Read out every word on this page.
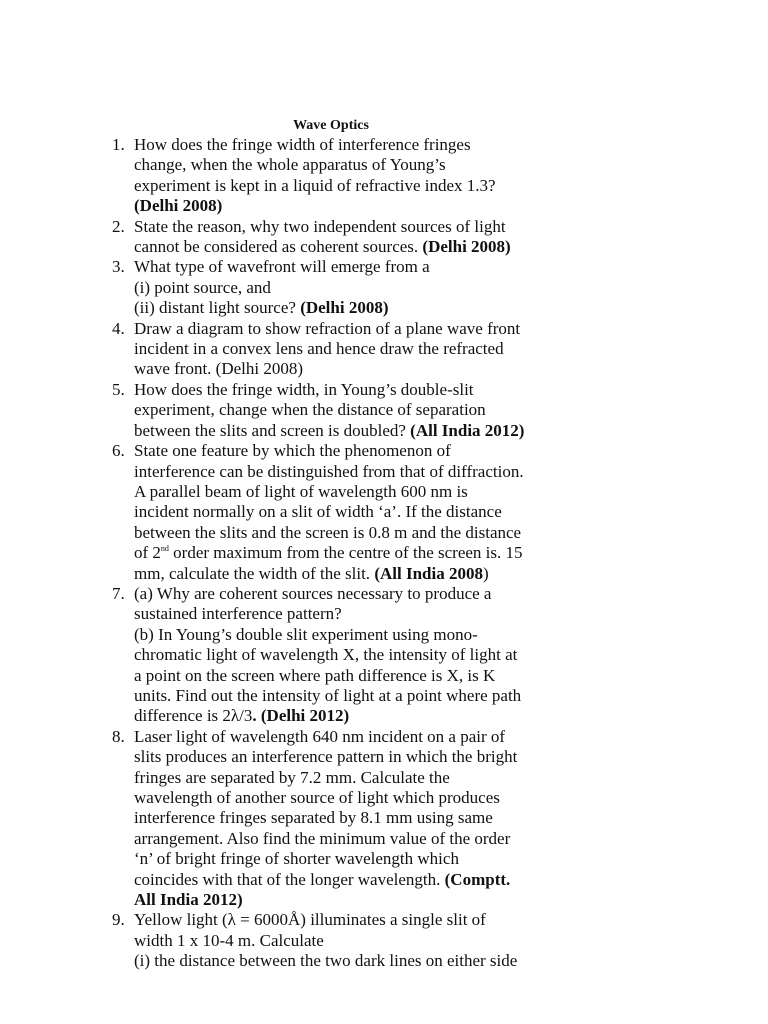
Wave Optics
1. How does the fringe width of interference fringes
change, when the whole apparatus of Young’s
experiment is kept in a liquid of refractive index 1.3?
(Delhi 2008)
2. State the reason, why two independent sources of light
cannot be considered as coherent sources. (Delhi 2008)
3. What type of wavefront will emerge from a
(i) point source, and
(ii) distant light source? (Delhi 2008)
4. Draw a diagram to show refraction of a plane wave front
incident in a convex lens and hence draw the refracted
wave front. (Delhi 2008)
5. How does the fringe width, in Young’s double-slit
experiment, change when the distance of separation
between the slits and screen is doubled? (All India 2012)
6. State one feature by which the phenomenon of
interference can be distinguished from that of diffraction.
A parallel beam of light of wavelength 600 nm is
incident normally on a slit of width ‘a’. If the distance
between the slits and the screen is 0.8 m and the distance
of 2nd order maximum from the centre of the screen is. 15
mm, calculate the width of the slit. (All India 2008)
7. (a) Why are coherent sources necessary to produce a
sustained interference pattern?
(b) In Young’s double slit experiment using mono-
chromatic light of wavelength X, the intensity of light at
a point on the screen where path difference is X, is K
units. Find out the intensity of light at a point where path
difference is 2λ/3. (Delhi 2012)
8. Laser light of wavelength 640 nm incident on a pair of
slits produces an interference pattern in which the bright
fringes are separated by 7.2 mm. Calculate the
wavelength of another source of light which produces
interference fringes separated by 8.1 mm using same
arrangement. Also find the minimum value of the order
‘n’ of bright fringe of shorter wavelength which
coincides with that of the longer wavelength. (Comptt.
All India 2012)
9. Yellow light (λ = 6000Å) illuminates a single slit of
width 1 x 10-4 m. Calculate
(i) the distance between the two dark lines on either side
